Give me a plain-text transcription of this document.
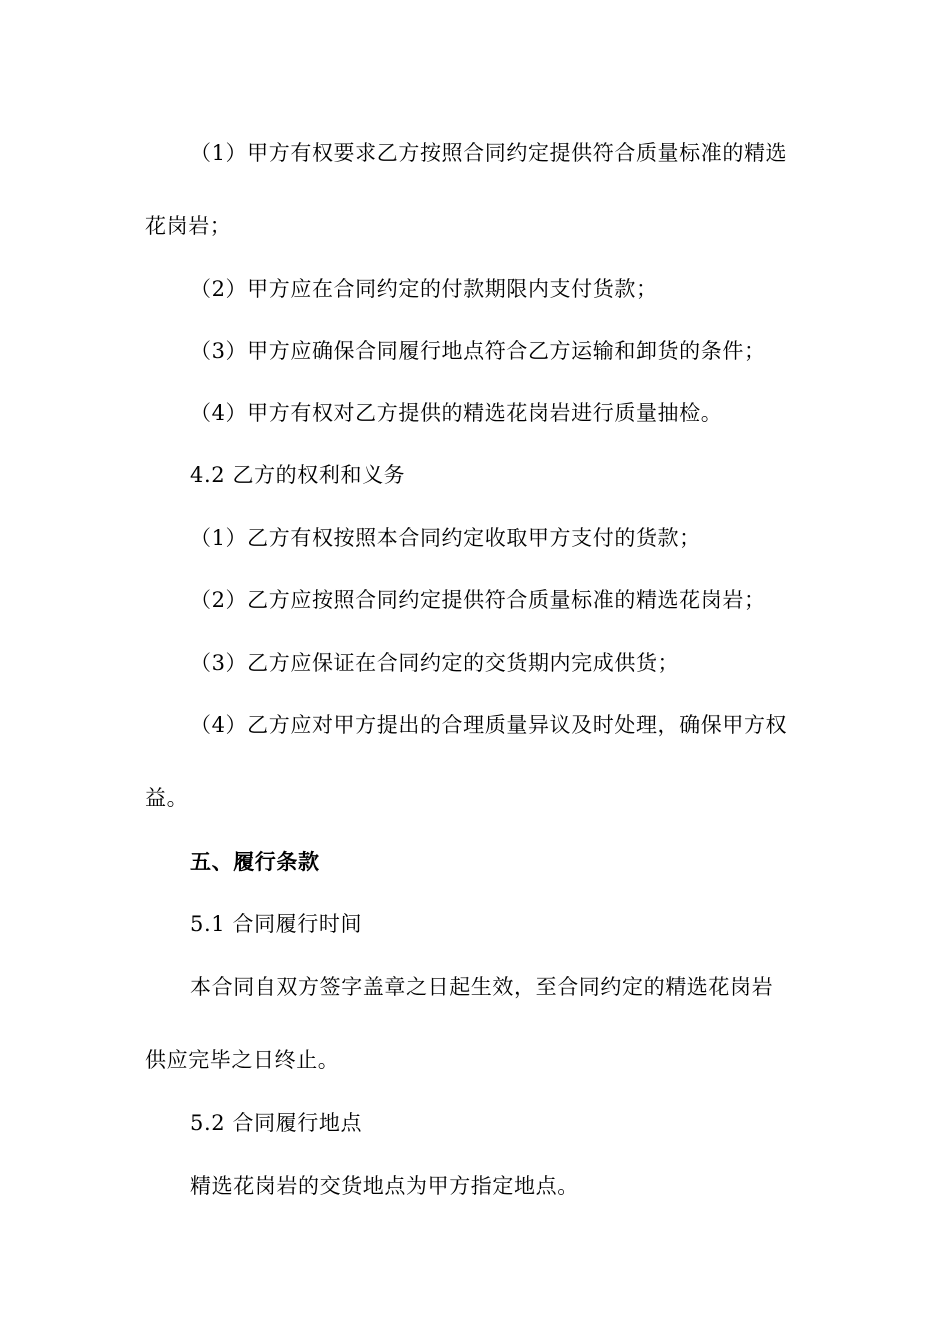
（1）甲方有权要求乙方按照合同约定提供符合质量标准的精选
花岗岩；
（2）甲方应在合同约定的付款期限内支付货款；
（3）甲方应确保合同履行地点符合乙方运输和卸货的条件；
（4）甲方有权对乙方提供的精选花岗岩进行质量抽检。
4.2 乙方的权利和义务
（1）乙方有权按照本合同约定收取甲方支付的货款；
（2）乙方应按照合同约定提供符合质量标准的精选花岗岩；
（3）乙方应保证在合同约定的交货期内完成供货；
（4）乙方应对甲方提出的合理质量异议及时处理，确保甲方权
益。
五、履行条款
5.1 合同履行时间
本合同自双方签字盖章之日起生效，至合同约定的精选花岗岩
供应完毕之日终止。
5.2 合同履行地点
精选花岗岩的交货地点为甲方指定地点。
